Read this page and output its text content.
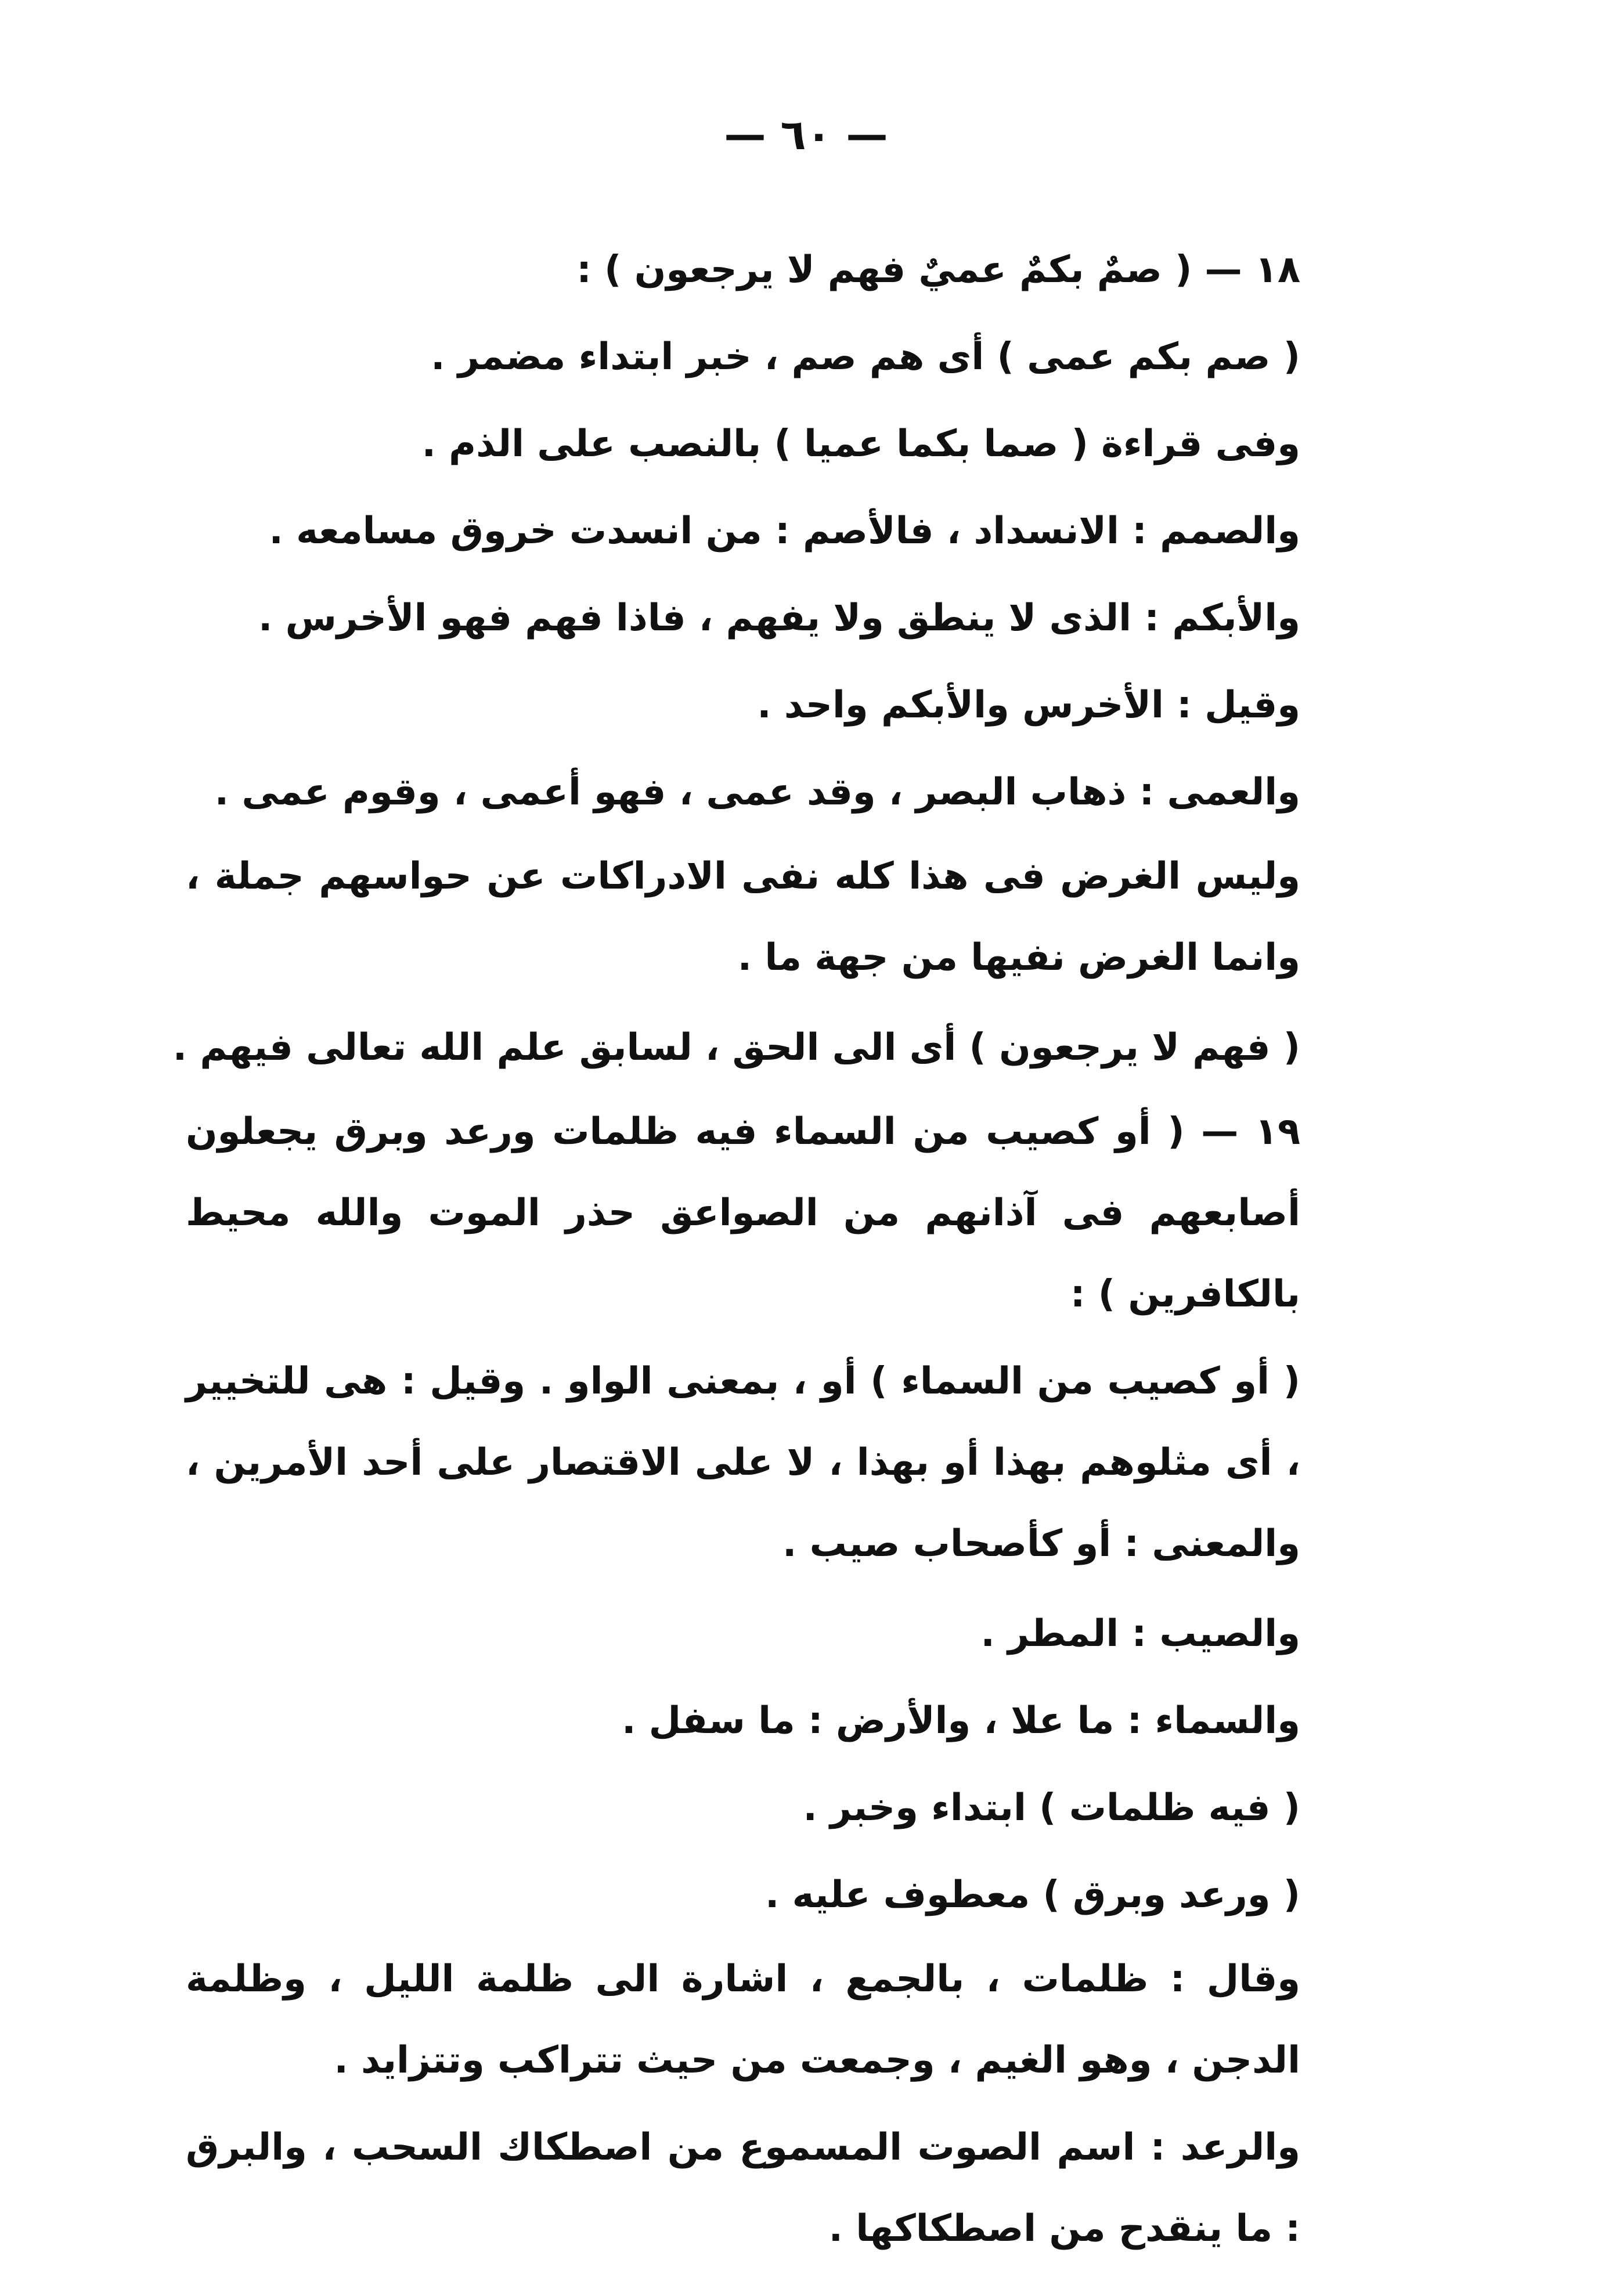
— ٦٠ —
١٨ — ( صمٌ بكمٌ عميٌ فهم لا يرجعون ) :
( صم بكم عمى ) أى هم صم ، خبر ابتداء مضمر .
وفى قراءة ( صما بكما عميا ) بالنصب على الذم .
والصمم : الانسداد ، فالأصم : من انسدت خروق مسامعه .
والأبكم : الذى لا ينطق ولا يفهم ، فاذا فهم فهو الأخرس .
وقيل : الأخرس والأبكم واحد .
والعمى : ذهاب البصر ، وقد عمى ، فهو أعمى ، وقوم عمى .
وليس الغرض فى هذا كله نفى الادراكات عن حواسهم جملة ، وانما الغرض نفيها من جهة ما .
( فهم لا يرجعون ) أى الى الحق ، لسابق علم الله تعالى فيهم .
١٩ — ( أو كصيب من السماء فيه ظلمات ورعد وبرق يجعلون أصابعهم فى آذانهم من الصواعق حذر الموت والله محيط بالكافرين ) :
( أو كصيب من السماء ) أو ، بمعنى الواو . وقيل : هى للتخيير ، أى مثلوهم بهذا أو بهذا ، لا على الاقتصار على أحد الأمرين ، والمعنى : أو كأصحاب صيب .
والصيب : المطر .
والسماء : ما علا ، والأرض : ما سفل .
( فيه ظلمات ) ابتداء وخبر .
( ورعد وبرق ) معطوف عليه .
وقال : ظلمات ، بالجمع ، اشارة الى ظلمة الليل ، وظلمة الدجن ، وهو الغيم ، وجمعت من حيث تتراكب وتتزايد .
والرعد : اسم الصوت المسموع من اصطكاك السحب ، والبرق : ما ينقدح من اصطكاكها .
